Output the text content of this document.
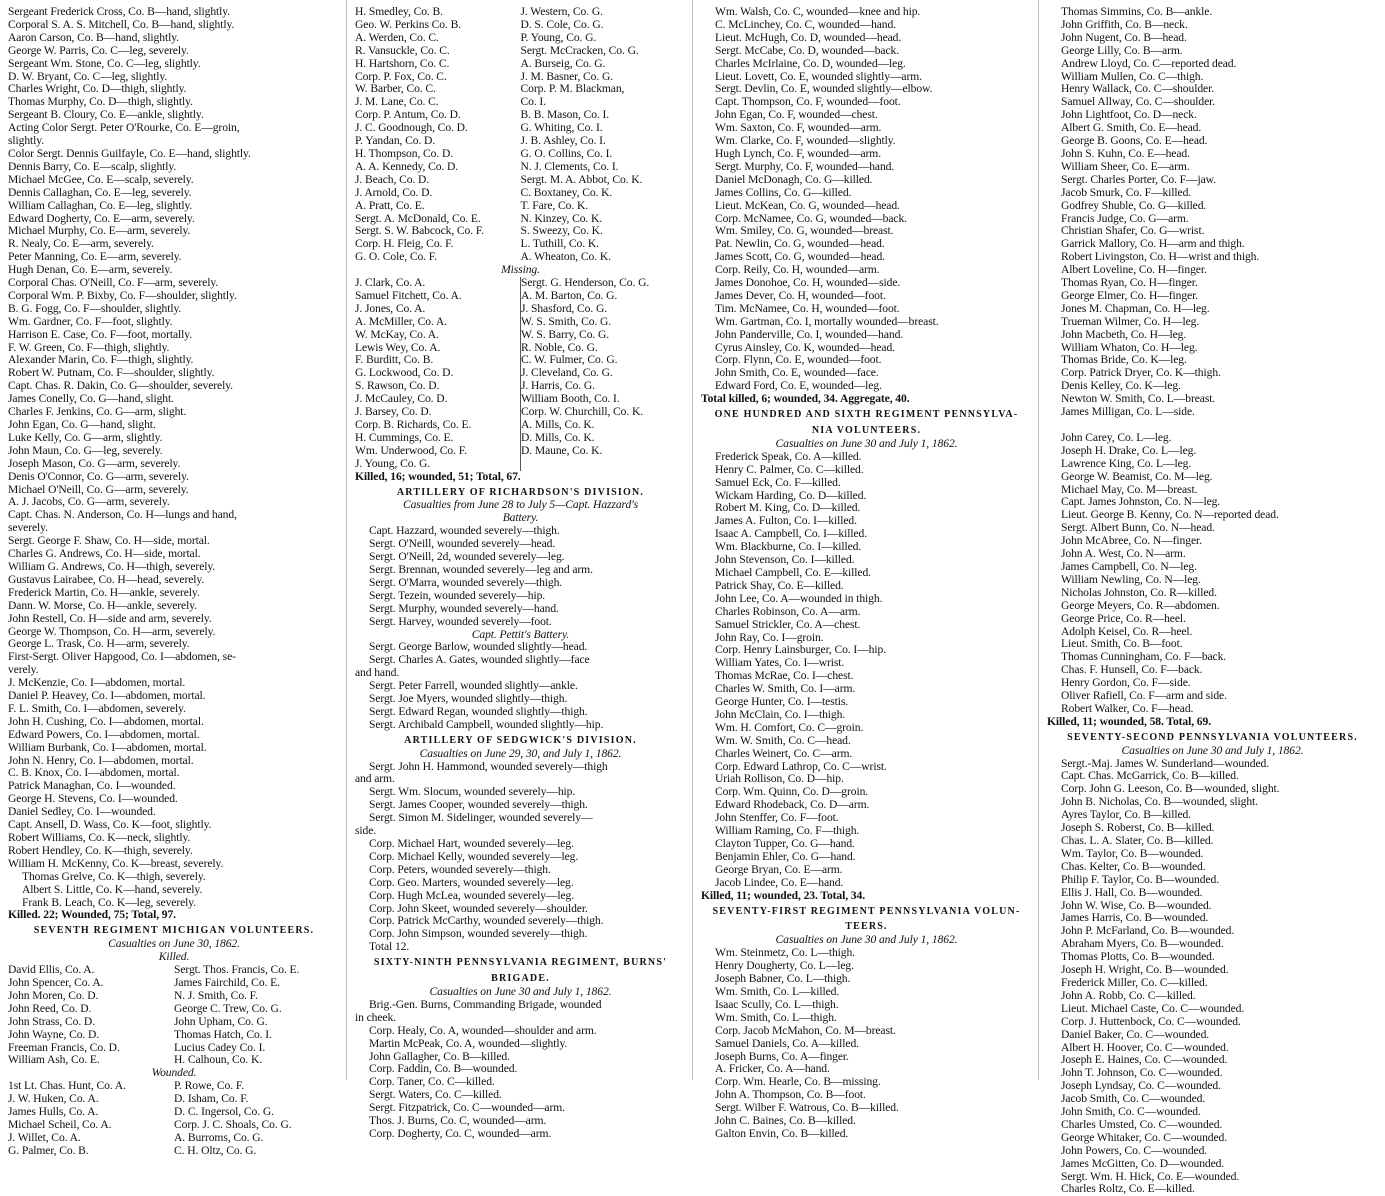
Sergeant Frederick Cross, Co. B—hand, slightly.
Corporal S. A. S. Mitchell, Co. B—hand, slightly.
Aaron Carson, Co. B—hand, slightly.
George W. Parris, Co. C—leg, severely.
Sergeant Wm. Stone, Co. C—leg, slightly.
D. W. Bryant, Co. C—leg, slightly.
Charles Wright, Co. D—thigh, slightly.
Thomas Murphy, Co. D—thigh, slightly.
Sergeant B. Cloury, Co. E—ankle, slightly.
Acting Color Sergt. Peter O'Rourke, Co. E—groin,
slightly.
Color Sergt. Dennis Guilfayle, Co. E—hand, slightly.
Dennis Barry, Co. E—scalp, slightly.
Michael McGee, Co. E—scalp, severely.
Dennis Callaghan, Co. E—leg, severely.
William Callaghan, Co. E—leg, slightly.
Edward Dogherty, Co. E—arm, severely.
Michael Murphy, Co. E—arm, severely.
R. Nealy, Co. E—arm, severely.
Peter Manning, Co. E—arm, severely.
Hugh Denan, Co. E—arm, severely.
Corporal Chas. O'Neill, Co. F—arm, severely.
Corporal Wm. P. Bixby, Co. F—shoulder, slightly.
B. G. Fogg, Co. F—shoulder, slightly.
Wm. Gardner, Co. F—foot, slightly.
Harrison E. Case, Co. F—foot, mortally.
F. W. Green, Co. F—thigh, slightly.
Alexander Marin, Co. F—thigh, slightly.
Robert W. Putnam, Co. F—shoulder, slightly.
Capt. Chas. R. Dakin, Co. G—shoulder, severely.
James Conelly, Co. G—hand, slight.
Charles F. Jenkins, Co. G—arm, slight.
John Egan, Co. G—hand, slight.
Luke Kelly, Co. G—arm, slightly.
John Maun, Co. G—leg, severely.
Joseph Mason, Co. G—arm, severely.
Denis O'Connor, Co. G—arm, severely.
Michael O'Neill, Co. G—arm, severely.
A. J. Jacobs, Co. G—arm, severely.
Capt. Chas. N. Anderson, Co. H—lungs and hand,
severely.
Sergt. George F. Shaw, Co. H—side, mortal.
Charles G. Andrews, Co. H—side, mortal.
William G. Andrews, Co. H—thigh, severely.
Gustavus Lairabee, Co. H—head, severely.
Frederick Martin, Co. H—ankle, severely.
Dann. W. Morse, Co. H—ankle, severely.
John Restell, Co. H—side and arm, severely.
George W. Thompson, Co. H—arm, severely.
George L. Trask, Co. H—arm, severely.
First-Sergt. Oliver Hapgood, Co. I—abdomen, se-
verely.
J. McKenzie, Co. I—abdomen, mortal.
Daniel P. Heavey, Co. I—abdomen, mortal.
F. L. Smith, Co. I—abdomen, severely.
John H. Cushing, Co. I—abdomen, mortal.
Edward Powers, Co. I—abdomen, mortal.
William Burbank, Co. I—abdomen, mortal.
John N. Henry, Co. I—abdomen, mortal.
C. B. Knox, Co. I—abdomen, mortal.
Patrick Managhan, Co. I—wounded.
George H. Stevens, Co. I—wounded.
Daniel Sedley, Co. I—wounded.
Capt. Ansell, D. Wass, Co. K—foot, slightly.
Robert Williams, Co. K—neck, slightly.
Robert Hendley, Co. K—thigh, severely.
William H. McKenny, Co. K—breast, severely.
Thomas Grelve, Co. K—thigh, severely.
Albert S. Little, Co. K—hand, severely.
Frank B. Leach, Co. K—leg, severely.
Killed. 22; Wounded, 75; Total, 97.
SEVENTH REGIMENT MICHIGAN VOLUNTEERS.
Casualties on June 30, 1862.
Killed.
David Ellis, Co. A.	Sergt. Thos. Francis, Co. E.
John Spencer, Co. A.	James Fairchild, Co. E.
John Moren, Co. D.	N. J. Smith, Co. F.
John Reed, Co. D.	George C. Trew, Co. G.
John Strass, Co. D.	John Upham, Co. G.
John Wayne, Co. D.	Thomas Hatch, Co. I.
Freeman Francis, Co. D.	Lucius Cadey Co. I.
William Ash, Co. E.	H. Calhoun, Co. K.
Wounded.
1st Lt. Chas. Hunt, Co. A.	P. Rowe, Co. F.
J. W. Huken, Co. A.	D. Isham, Co. F.
James Hulls, Co. A.	D. C. Ingersol, Co. G.
Michael Scheil, Co. A.	Corp. J. C. Shoals, Co. G.
J. Willet, Co. A.	A. Burroms, Co. G.
G. Palmer, Co. B.	C. H. Oltz, Co. G.
H. Smedley, Co. B.	J. Western, Co. G.
Geo. W. Perkins Co. B.	D. S. Cole, Co. G.
A. Werden, Co. C.	P. Young, Co. G.
R. Vansuckle, Co. C.	Sergt. McCracken, Co. G.
H. Hartshorn, Co. C.	A. Burseig, Co. G.
Corp. P. Fox, Co. C.	J. M. Basner, Co. G.
W. Barber, Co. C.	Corp. P. M. Blackman,
J. M. Lane, Co. C.	Co. I.
Corp. P. Antum, Co. D.	B. B. Mason, Co. I.
J. C. Goodnough, Co. D.	G. Whiting, Co. I.
P. Yandan, Co. D.	J. B. Ashley, Co. I.
H. Thompson, Co. D.	G. O. Collins, Co. I.
A. A. Kennedy, Co. D.	N. J. Clements, Co. I.
J. Beach, Co. D.	Sergt. M. A. Abbot, Co. K.
J. Arnold, Co. D.	C. Boxtaney, Co. K.
A. Pratt, Co. E.	T. Fare, Co. K.
Sergt. A. McDonald, Co. E.	N. Kinzey, Co. K.
Sergt. S. W. Babcock, Co. F.	S. Sweezy, Co. K.
Corp. H. Fleig, Co. F.	L. Tuthill, Co. K.
G. O. Cole, Co. F.	A. Wheaton, Co. K.
Missing.
J. Clark, Co. A.	Sergt. G. Henderson, Co. G.
Samuel Fitchett, Co. A.	A. M. Barton, Co. G.
J. Jones, Co. A.	J. Shasford, Co. G.
A. McMiller, Co. A.	W. S. Smith, Co. G.
W. McKay, Co. A.	W. S. Barry, Co. G.
Lewis Wey, Co. A.	R. Noble, Co. G.
F. Burditt, Co. B.	C. W. Fulmer, Co. G.
G. Lockwood, Co. D.	J. Cleveland, Co. G.
S. Rawson, Co. D.	J. Harris, Co. G.
J. McCauley, Co. D.	William Booth, Co. I.
J. Barsey, Co. D.	Corp. W. Churchill, Co. K.
Corp. B. Richards, Co. E.	A. Mills, Co. K.
H. Cummings, Co. E.	D. Mills, Co. K.
Wm. Underwood, Co. F.	D. Maune, Co. K.
J. Young, Co. G.
Killed, 16; wounded, 51; Total, 67.
ARTILLERY OF RICHARDSON'S DIVISION.
Casualties from June 28 to July 5—Capt. Hazzard's
Battery.
Capt. Hazzard, wounded severely—thigh.
Sergt. O'Neill, wounded severely—head.
Sergt. O'Neill, 2d, wounded severely—leg.
Sergt. Brennan, wounded severely—leg and arm.
Sergt. O'Marra, wounded severely—thigh.
Sergt. Tezein, wounded severely—hip.
Sergt. Murphy, wounded severely—hand.
Sergt. Harvey, wounded severely—foot.
Capt. Pettit's Battery.
Sergt. George Barlow, wounded slightly—head.
Sergt. Charles A. Gates, wounded slightly—face
and hand.
Sergt. Peter Farrell, wounded slightly—ankle.
Sergt. Joe Myers, wounded slightly—thigh.
Sergt. Edward Regan, wounded slightly—thigh.
Sergt. Archibald Campbell, wounded slightly—hip.
ARTILLERY OF SEDGWICK'S DIVISION.
Casualties on June 29, 30, and July 1, 1862.
Sergt. John H. Hammond, wounded severely—thigh
and arm.
Sergt. Wm. Slocum, wounded severely—hip.
Sergt. James Cooper, wounded severely—thigh.
Sergt. Simon M. Sidelinger, wounded severely—
side.
Corp. Michael Hart, wounded severely—leg.
Corp. Michael Kelly, wounded severely—leg.
Corp. Peters, wounded severely—thigh.
Corp. Geo. Marters, wounded severely—leg.
Corp. Hugh McLea, wounded severely—leg.
Corp. John Skeet, wounded severely—shoulder.
Corp. Patrick McCarthy, wounded severely—thigh.
Corp. John Simpson, wounded severely—thigh.
Total 12.
SIXTY-NINTH PENNSYLVANIA REGIMENT, BURNS'
BRIGADE.
Casualties on June 30 and July 1, 1862.
Brig.-Gen. Burns, Commanding Brigade, wounded
in cheek.
Corp. Healy, Co. A, wounded—shoulder and arm.
Martin McPeak, Co. A, wounded—slightly.
John Gallagher, Co. B—killed.
Corp. Faddin, Co. B—wounded.
Corp. Taner, Co. C—killed.
Sergt. Waters, Co. C—killed.
Sergt. Fitzpatrick, Co. C—wounded—arm.
Thos. J. Burns, Co. C, wounded—arm.
Corp. Dogherty, Co. C, wounded—arm.
Wm. Walsh, Co. C, wounded—knee and hip.
C. McLinchey, Co. C, wounded—hand.
Lieut. McHugh, Co. D, wounded—head.
Sergt. McCabe, Co. D, wounded—back.
Charles McIrlaine, Co. D, wounded—leg.
Lieut. Lovett, Co. E, wounded slightly—arm.
Sergt. Devlin, Co. E, wounded slightly—elbow.
Capt. Thompson, Co. F, wounded—foot.
John Egan, Co. F, wounded—chest.
Wm. Saxton, Co. F, wounded—arm.
Wm. Clarke, Co. F, wounded—slightly.
Hugh Lynch, Co. F, wounded—arm.
Sergt. Murphy, Co. F, wounded—hand.
Daniel McDonagh, Co. G—killed.
James Collins, Co. G—killed.
Lieut. McKean, Co. G, wounded—head.
Corp. McNamee, Co. G, wounded—back.
Wm. Smiley, Co. G, wounded—breast.
Pat. Newlin, Co. G, wounded—head.
James Scott, Co. G, wounded—head.
Corp. Reily, Co. H, wounded—arm.
James Donohoe, Co. H, wounded—side.
James Dever, Co. H, wounded—foot.
Tim. McNamee, Co. H, wounded—foot.
Wm. Gartman, Co. I, mortally wounded—breast.
John Panderville, Co. I, wounded—hand.
Cyrus Ainsley, Co. K, wounded—head.
Corp. Flynn, Co. E, wounded—foot.
John Smith, Co. E, wounded—face.
Edward Ford, Co. E, wounded—leg.
Total killed, 6; wounded, 34. Aggregate, 40.
ONE HUNDRED AND SIXTH REGIMENT PENNSYLVA-
NIA VOLUNTEERS.
Casualties on June 30 and July 1, 1862.
Frederick Speak, Co. A—killed.
Henry C. Palmer, Co. C—killed.
Samuel Eck, Co. F—killed.
Wickam Harding, Co. D—killed.
Robert M. King, Co. D—killed.
James A. Fulton, Co. I—killed.
Isaac A. Campbell, Co. I—killed.
Wm. Blackburne, Co. I—killed.
John Stevenson, Co. I—killed.
Michael Campbell, Co. E—killed.
Patrick Shay, Co. E—killed.
John Lee, Co. A—wounded in thigh.
Charles Robinson, Co. A—arm.
Samuel Strickler, Co. A—chest.
John Ray, Co. I—groin.
Corp. Henry Lainsburger, Co. I—hip.
William Yates, Co. I—wrist.
Thomas McRae, Co. I—chest.
Charles W. Smith, Co. I—arm.
George Hunter, Co. I—testis.
John McClain, Co. I—thigh.
Wm. H. Comfort, Co. C—groin.
Wm. W. Smith, Co. C—head.
Charles Weinert, Co. C—arm.
Corp. Edward Lathrop, Co. C—wrist.
Uriah Rollison, Co. D—hip.
Corp. Wm. Quinn, Co. D—groin.
Edward Rhodeback, Co. D—arm.
John Stenffer, Co. F—foot.
William Raming, Co. F—thigh.
Clayton Tupper, Co. G—hand.
Benjamin Ehler, Co. G—hand.
George Bryan, Co. E—arm.
Jacob Lindee, Co. E—hand.
Killed, 11; wounded, 23. Total, 34.
SEVENTY-FIRST REGIMENT PENNSYLVANIA VOLUN-
TEERS.
Casualties on June 30 and July 1, 1862.
Wm. Steinmetz, Co. L—thigh.
Henry Dougherty, Co. L—leg.
Joseph Babner, Co. L—thigh.
Wm. Smith, Co. L—killed.
Isaac Scully, Co. L—thigh.
Wm. Smith, Co. L—thigh.
Corp. Jacob McMahon, Co. M—breast.
Samuel Daniels, Co. A—killed.
Joseph Burns, Co. A—finger.
A. Fricker, Co. A—hand.
Corp. Wm. Hearle, Co. B—missing.
John A. Thompson, Co. B—foot.
Sergt. Wilber F. Watrous, Co. B—killed.
John C. Baines, Co. B—killed.
Galton Envin, Co. B—killed.
Thomas Simmins, Co. B—ankle.
John Griffith, Co. B—neck.
John Nugent, Co. B—head.
George Lilly, Co. B—arm.
Andrew Lloyd, Co. C—reported dead.
William Mullen, Co. C—thigh.
Henry Wallack, Co. C—shoulder.
Samuel Allway, Co. C—shoulder.
John Lightfoot, Co. D—neck.
Albert G. Smith, Co. E—head.
George B. Goons, Co. E—head.
John S. Kuhn, Co. E—head.
William Sheer, Co. E—arm.
Sergt. Charles Porter, Co. F—jaw.
Jacob Smurk, Co. F—killed.
Godfrey Shuble, Co. G—killed.
Francis Judge, Co. G—arm.
Christian Shafer, Co. G—wrist.
Garrick Mallory, Co. H—arm and thigh.
Robert Livingston, Co. H—wrist and thigh.
Albert Loveline, Co. H—finger.
Thomas Ryan, Co. H—finger.
George Elmer, Co. H—finger.
Jones M. Chapman, Co. H—leg.
Trueman Wilmer, Co. H—leg.
John Macbeth, Co. H—leg.
William Whaton, Co. H—leg.
Thomas Bride, Co. K—leg.
Corp. Patrick Dryer, Co. K—thigh.
Denis Kelley, Co. K—leg.
Newton W. Smith, Co. L—breast.
James Milligan, Co. L—side.

John Carey, Co. L—leg.
Joseph H. Drake, Co. L—leg.
Lawrence King, Co. L—leg.
George W. Beamist, Co. M—leg.
Michael May, Co. M—breast.
Capt. James Johnston, Co. N—leg.
Lieut. George B. Kenny, Co. N—reported dead.
Sergt. Albert Bunn, Co. N—head.
John McAbree, Co. N—finger.
John A. West, Co. N—arm.
James Campbell, Co. N—leg.
William Newling, Co. N—leg.
Nicholas Johnston, Co. R—killed.
George Meyers, Co. R—abdomen.
George Price, Co. R—heel.
Adolph Keisel, Co. R—heel.
Lieut. Smith, Co. B—foot.
Thomas Cunningham, Co. F—back.
Chas. F. Hunsell, Co. F—back.
Henry Gordon, Co. F—side.
Oliver Rafiell, Co. F—arm and side.
Robert Walker, Co. F—head.
Killed, 11; wounded, 58. Total, 69.
SEVENTY-SECOND PENNSYLVANIA VOLUNTEERS.
Casualties on June 30 and July 1, 1862.
Sergt.-Maj. James W. Sunderland—wounded.
Capt. Chas. McGarrick, Co. B—killed.
Corp. John G. Leeson, Co. B—wounded, slight.
John B. Nicholas, Co. B—wounded, slight.
Ayres Taylor, Co. B—killed.
Joseph S. Roberst, Co. B—killed.
Chas. L. A. Slater, Co. B—killed.
Wm. Taylor, Co. B—wounded.
Chas. Kelter, Co. B—wounded.
Philip F. Taylor, Co. B—wounded.
Ellis J. Hall, Co. B—wounded.
John W. Wise, Co. B—wounded.
James Harris, Co. B—wounded.
John P. McFarland, Co. B—wounded.
Abraham Myers, Co. B—wounded.
Thomas Plotts, Co. B—wounded.
Joseph H. Wright, Co. B—wounded.
Frederick Miller, Co. C—killed.
John A. Robb, Co. C—killed.
Lieut. Michael Caste, Co. C—wounded.
Corp. J. Huttenbock, Co. C—wounded.
Daniel Baker, Co. C—wounded.
Albert H. Hoover, Co. C—wounded.
Joseph E. Haines, Co. C—wounded.
John T. Johnson, Co. C—wounded.
Joseph Lyndsay, Co. C—wounded.
Jacob Smith, Co. C—wounded.
John Smith, Co. C—wounded.
Charles Umsted, Co. C—wounded.
George Whitaker, Co. C—wounded.
John Powers, Co. C—wounded.
James McGitten, Co. D—wounded.
Sergt. Wm. H. Hick, Co. E—wounded.
Charles Roltz, Co. E—killed.
